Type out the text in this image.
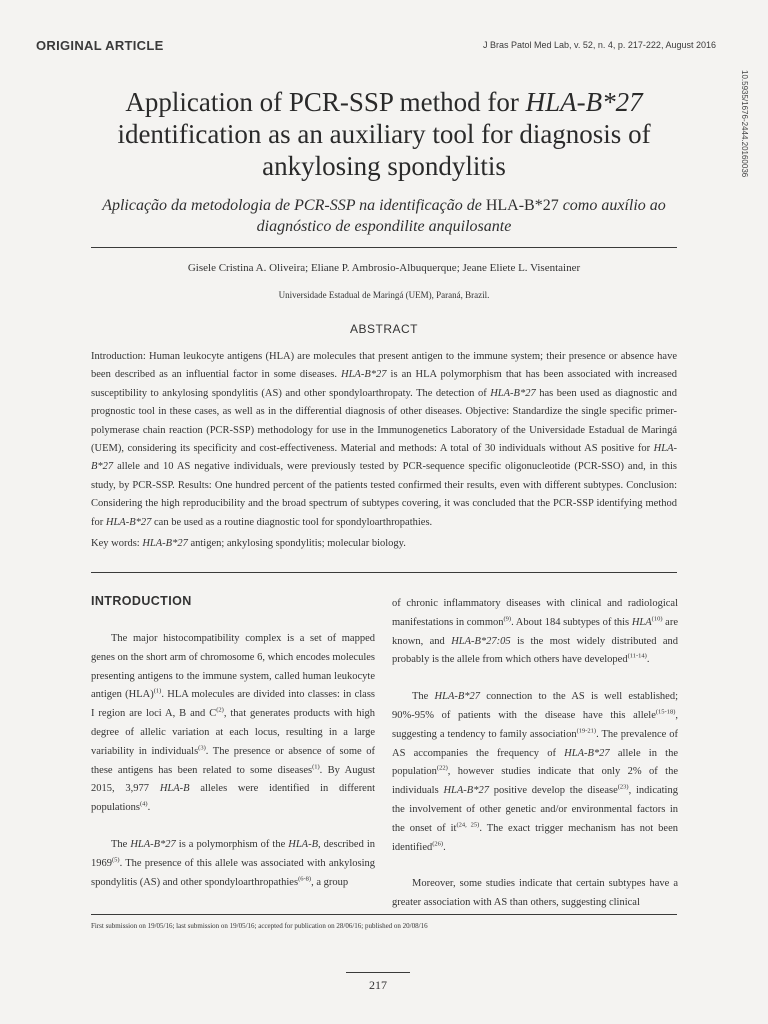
ORIGINAL ARTICLE	J Bras Patol Med Lab, v. 52, n. 4, p. 217-222, August 2016
10.5935/1676-2444.20160036
Application of PCR-SSP method for HLA-B*27 identification as an auxiliary tool for diagnosis of ankylosing spondylitis
Aplicação da metodologia de PCR-SSP na identificação de HLA-B*27 como auxílio ao diagnóstico de espondilite anquilosante
Gisele Cristina A. Oliveira; Eliane P. Ambrosio-Albuquerque; Jeane Eliete L. Visentainer
Universidade Estadual de Maringá (UEM), Paraná, Brazil.
ABSTRACT

Introduction: Human leukocyte antigens (HLA) are molecules that present antigen to the immune system; their presence or absence have been described as an influential factor in some diseases. HLA-B*27 is an HLA polymorphism that has been associated with increased susceptibility to ankylosing spondylitis (AS) and other spondyloarthropaty. The detection of HLA-B*27 has been used as diagnostic and prognostic tool in these cases, as well as in the differential diagnosis of other diseases. Objective: Standardize the single specific primer-polymerase chain reaction (PCR-SSP) methodology for use in the Immunogenetics Laboratory of the Universidade Estadual de Maringá (UEM), considering its specificity and cost-effectiveness. Material and methods: A total of 30 individuals without AS positive for HLA-B*27 allele and 10 AS negative individuals, were previously tested by PCR-sequence specific oligonucleotide (PCR-SSO) and, in this study, by PCR-SSP. Results: One hundred percent of the patients tested confirmed their results, even with different subtypes. Conclusion: Considering the high reproducibility and the broad spectrum of subtypes covering, it was concluded that the PCR-SSP identifying method for HLA-B*27 can be used as a routine diagnostic tool for spondyloarthropathies.

Key words: HLA-B*27 antigen; ankylosing spondylitis; molecular biology.
INTRODUCTION

The major histocompatibility complex is a set of mapped genes on the short arm of chromosome 6, which encodes molecules presenting antigens to the immune system, called human leukocyte antigen (HLA)$^{(1)}$. HLA molecules are divided into classes: in class I region are loci A, B and $C^{(2)}$, that generates products with high degree of allelic variation at each locus, resulting in a large variability in individuals$^{(3)}$. The presence or absence of some of these antigens has been related to some diseases$^{(1)}$. By August 2015, 3,977 HLA-B alleles were identified in different populations$^{(4)}$.

The HLA-B*27 is a polymorphism of the HLA-B, described in 1969$^{(5)}$. The presence of this allele was associated with ankylosing spondylitis (AS) and other spondyloarthropathies$^{(6-8)}$, a group

of chronic inflammatory diseases with clinical and radiological manifestations in common$^{(9)}$. About 184 subtypes of this HLA$^{(10)}$ are known, and HLA-B*27:05 is the most widely distributed and probably is the allele from which others have developed$^{(11-14)}$.

The HLA-B*27 connection to the AS is well established; 90%-95% of patients with the disease have this allele$^{(15-18)}$, suggesting a tendency to family association$^{(19-21)}$. The prevalence of AS accompanies the frequency of HLA-B*27 allele in the population$^{(22)}$, however studies indicate that only 2% of the individuals HLA-B*27 positive develop the disease$^{(23)}$, indicating the involvement of other genetic and/or environmental factors in the onset of it$^{(24, 25)}$. The exact trigger mechanism has not been identified$^{(26)}$.

Moreover, some studies indicate that certain subtypes have a greater association with AS than others, suggesting clinical

First submission on 19/05/16; last submission on 19/05/16; accepted for publication on 28/06/16; published on 20/08/16
217
